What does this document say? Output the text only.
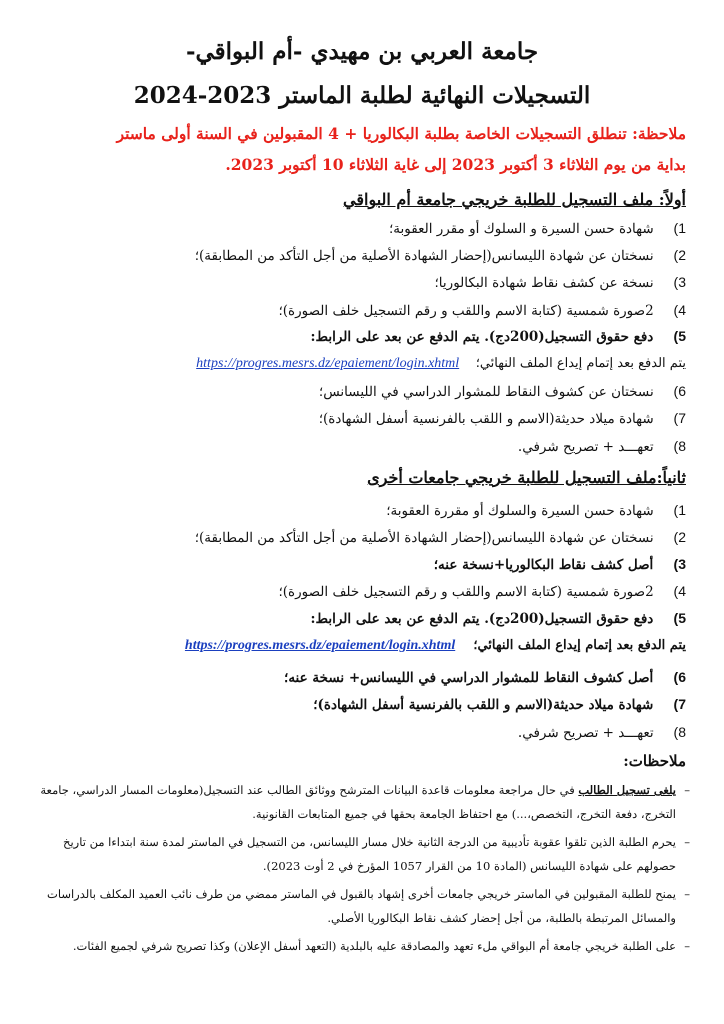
جامعة العربي بن مهيدي -أم البواقي-
التسجيلات النهائية لطلبة الماستر 2023-2024
ملاحظة: تنطلق التسجيلات الخاصة بطلبة البكالوريا + 4 المقبولين في السنة أولى ماستر
بداية من يوم الثلاثاء 3 أكتوبر 2023 إلى غاية الثلاثاء 10 أكتوبر 2023.
أولاً: ملف التسجيل للطلبة خريجي جامعة أم البواقي
1) شهادة حسن السيرة و السلوك أو مقرر العقوبة؛
2) نسختان عن شهادة الليسانس(إحضار الشهادة الأصلية من أجل التأكد من المطابقة)؛
3) نسخة عن كشف نقاط شهادة البكالوريا؛
4) 2صورة شمسية (كتابة الاسم واللقب و رقم التسجيل خلف الصورة)؛
5) دفع حقوق التسجيل(200دج). يتم الدفع عن بعد على الرابط:
يتم الدفع بعد إتمام إيداع الملف النهائي؛    https://progres.mesrs.dz/epaiement/login.xhtml
6) نسختان عن كشوف النقاط للمشوار الدراسي في الليسانس؛
7) شهادة ميلاد حديثة(الاسم و اللقب بالفرنسية أسفل الشهادة)؛
8) تعهـــد + تصريح شرفي.
ثانياً:ملف التسجيل للطلبة خريجي جامعات أخرى
1) شهادة حسن السيرة والسلوك أو مقررة العقوبة؛
2) نسختان عن شهادة الليسانس(إحضار الشهادة الأصلية من أجل التأكد من المطابقة)؛
3) أصل كشف نقاط البكالوريا+نسخة عنه؛
4) 2صورة شمسية (كتابة الاسم واللقب و رقم التسجيل خلف الصورة)؛
5) دفع حقوق التسجيل(200دج). يتم الدفع عن بعد على الرابط:
يتم الدفع بعد إتمام إيداع الملف النهائي؛    https://progres.mesrs.dz/epaiement/login.xhtml
6) أصل كشوف النقاط للمشوار الدراسي في الليسانس+ نسخة عنه؛
7) شهادة ميلاد حديثة(الاسم و اللقب بالفرنسية أسفل الشهادة)؛
8) تعهـــد + تصريح شرفي.
ملاحظات:
–
يلغى تسجيل الطالب في حال مراجعة معلومات قاعدة البيانات المترشح ووثائق الطالب عند التسجيل(معلومات المسار الدراسي، جامعة التخرج، دفعة التخرج، التخصص،...) مع احتفاظ الجامعة بحقها في جميع المتابعات القانونية.
–
يحرم الطلبة الذين تلقوا عقوبة تأديبية من الدرجة الثانية خلال مسار الليسانس، من التسجيل في الماستر لمدة سنة ابتداءا من تاريخ حصولهم على شهادة الليسانس (المادة 10 من القرار 1057 المؤرخ في 2 أوت 2023).
–
يمنح للطلبة المقبولين في الماستر خريجي جامعات أخرى إشهاد بالقبول في الماستر ممضي من طرف نائب العميد المكلف بالدراسات والمسائل المرتبطة بالطلبة، من أجل إحضار كشف نقاط البكالوريا الأصلي.
–
على الطلبة خريجي جامعة أم البواقي ملء تعهد والمصادقة عليه بالبلدية (التعهد أسفل الإعلان) وكذا تصريح شرفي لجميع الفئات.
